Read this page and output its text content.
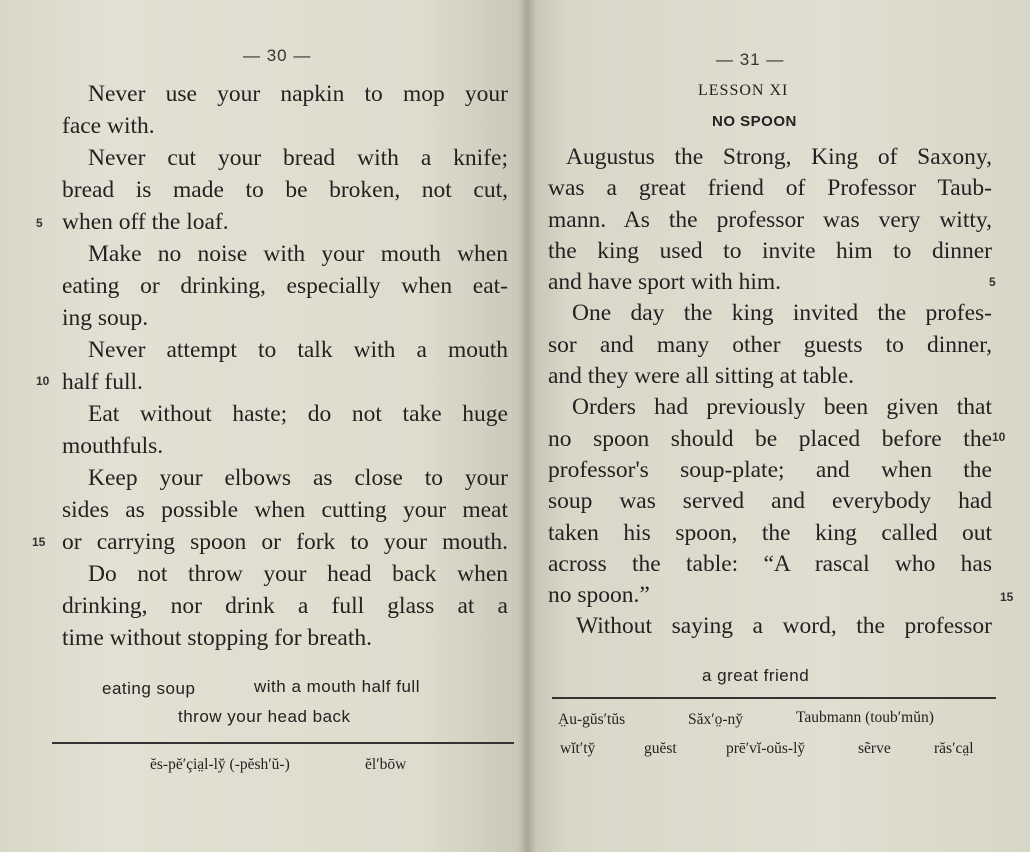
— 30 —
Never use your napkin to mop your
face with.
Never cut your bread with a knife;
bread is made to be broken, not cut,
when off the loaf.
Make no noise with your mouth when
eating or drinking, especially when eat-
ing soup.
Never attempt to talk with a mouth
half full.
Eat without haste; do not take huge
mouthfuls.
Keep your elbows as close to your
sides as possible when cutting your meat
or carrying spoon or fork to your mouth.
Do not throw your head back when
drinking, nor drink a full glass at a
time without stopping for breath.
5
10
15
eating soup	with a mouth half full
throw your head back
ĕs-pĕ′çia̤l-ly̆ (-pĕsh′ŭ-)	ĕl′bōw
— 31 —
LESSON XI
NO SPOON
Augustus the Strong, King of Saxony,
was a great friend of Professor Taub-
mann. As the professor was very witty,
the king used to invite him to dinner
and have sport with him.
One day the king invited the profes-
sor and many other guests to dinner,
and they were all sitting at table.
Orders had previously been given that
no spoon should be placed before the
professor's soup-plate; and when the
soup was served and everybody had
taken his spoon, the king called out
across the table: “A rascal who has
no spoon.”
Without saying a word, the professor
5
10
15
a great friend
A̤u-gŭs′tŭs	Săx′o̤-ny̆	Taubmann (toub′mŭn)
wĭt′ty̆	guĕst	prē′vĭ-oŭs-ly̆	sẽrve	răs′ca̤l
